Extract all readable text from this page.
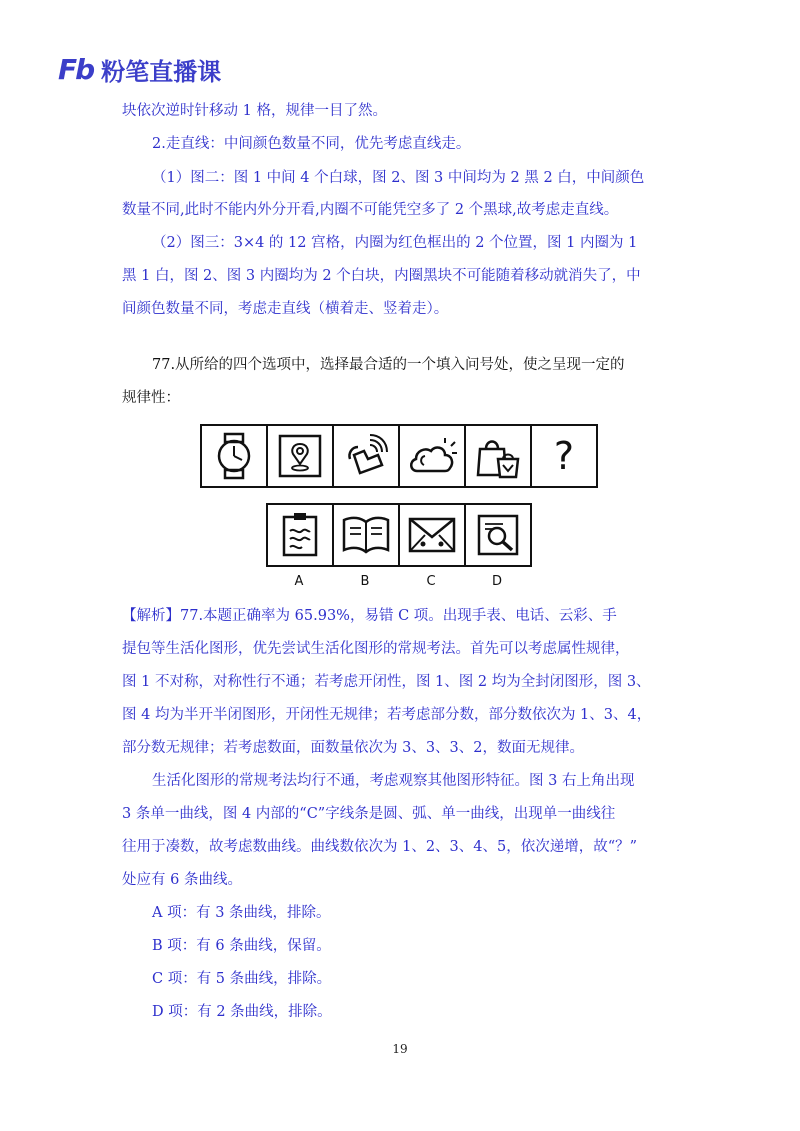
Fb 粉笔直播课
块依次逆时针移动 1 格，规律一目了然。
2.走直线：中间颜色数量不同，优先考虑直线走。
（1）图二：图 1 中间 4 个白球，图 2、图 3 中间均为 2 黑 2 白，中间颜色
数量不同,此时不能内外分开看,内圈不可能凭空多了 2 个黑球,故考虑走直线。
（2）图三：3×4 的 12 宫格，内圈为红色框出的 2 个位置，图 1 内圈为 1
黑 1 白，图 2、图 3 内圈均为 2 个白块，内圈黑块不可能随着移动就消失了，中
间颜色数量不同，考虑走直线（横着走、竖着走）。
77.从所给的四个选项中，选择最合适的一个填入问号处，使之呈现一定的
规律性：
?
A	B	C	D
【解析】77.本题正确率为 65.93%，易错 C 项。出现手表、电话、云彩、手
提包等生活化图形，优先尝试生活化图形的常规考法。首先可以考虑属性规律，
图 1 不对称，对称性行不通；若考虑开闭性，图 1、图 2 均为全封闭图形，图 3、
图 4 均为半开半闭图形，开闭性无规律；若考虑部分数，部分数依次为 1、3、4，
部分数无规律；若考虑数面，面数量依次为 3、3、3、2，数面无规律。
生活化图形的常规考法均行不通，考虑观察其他图形特征。图 3 右上角出现
3 条单一曲线，图 4 内部的“C”字线条是圆、弧、单一曲线，出现单一曲线往
往用于凑数，故考虑数曲线。曲线数依次为 1、2、3、4、5，依次递增，故“？”
处应有 6 条曲线。
A 项：有 3 条曲线，排除。
B 项：有 6 条曲线，保留。
C 项：有 5 条曲线，排除。
D 项：有 2 条曲线，排除。
19
